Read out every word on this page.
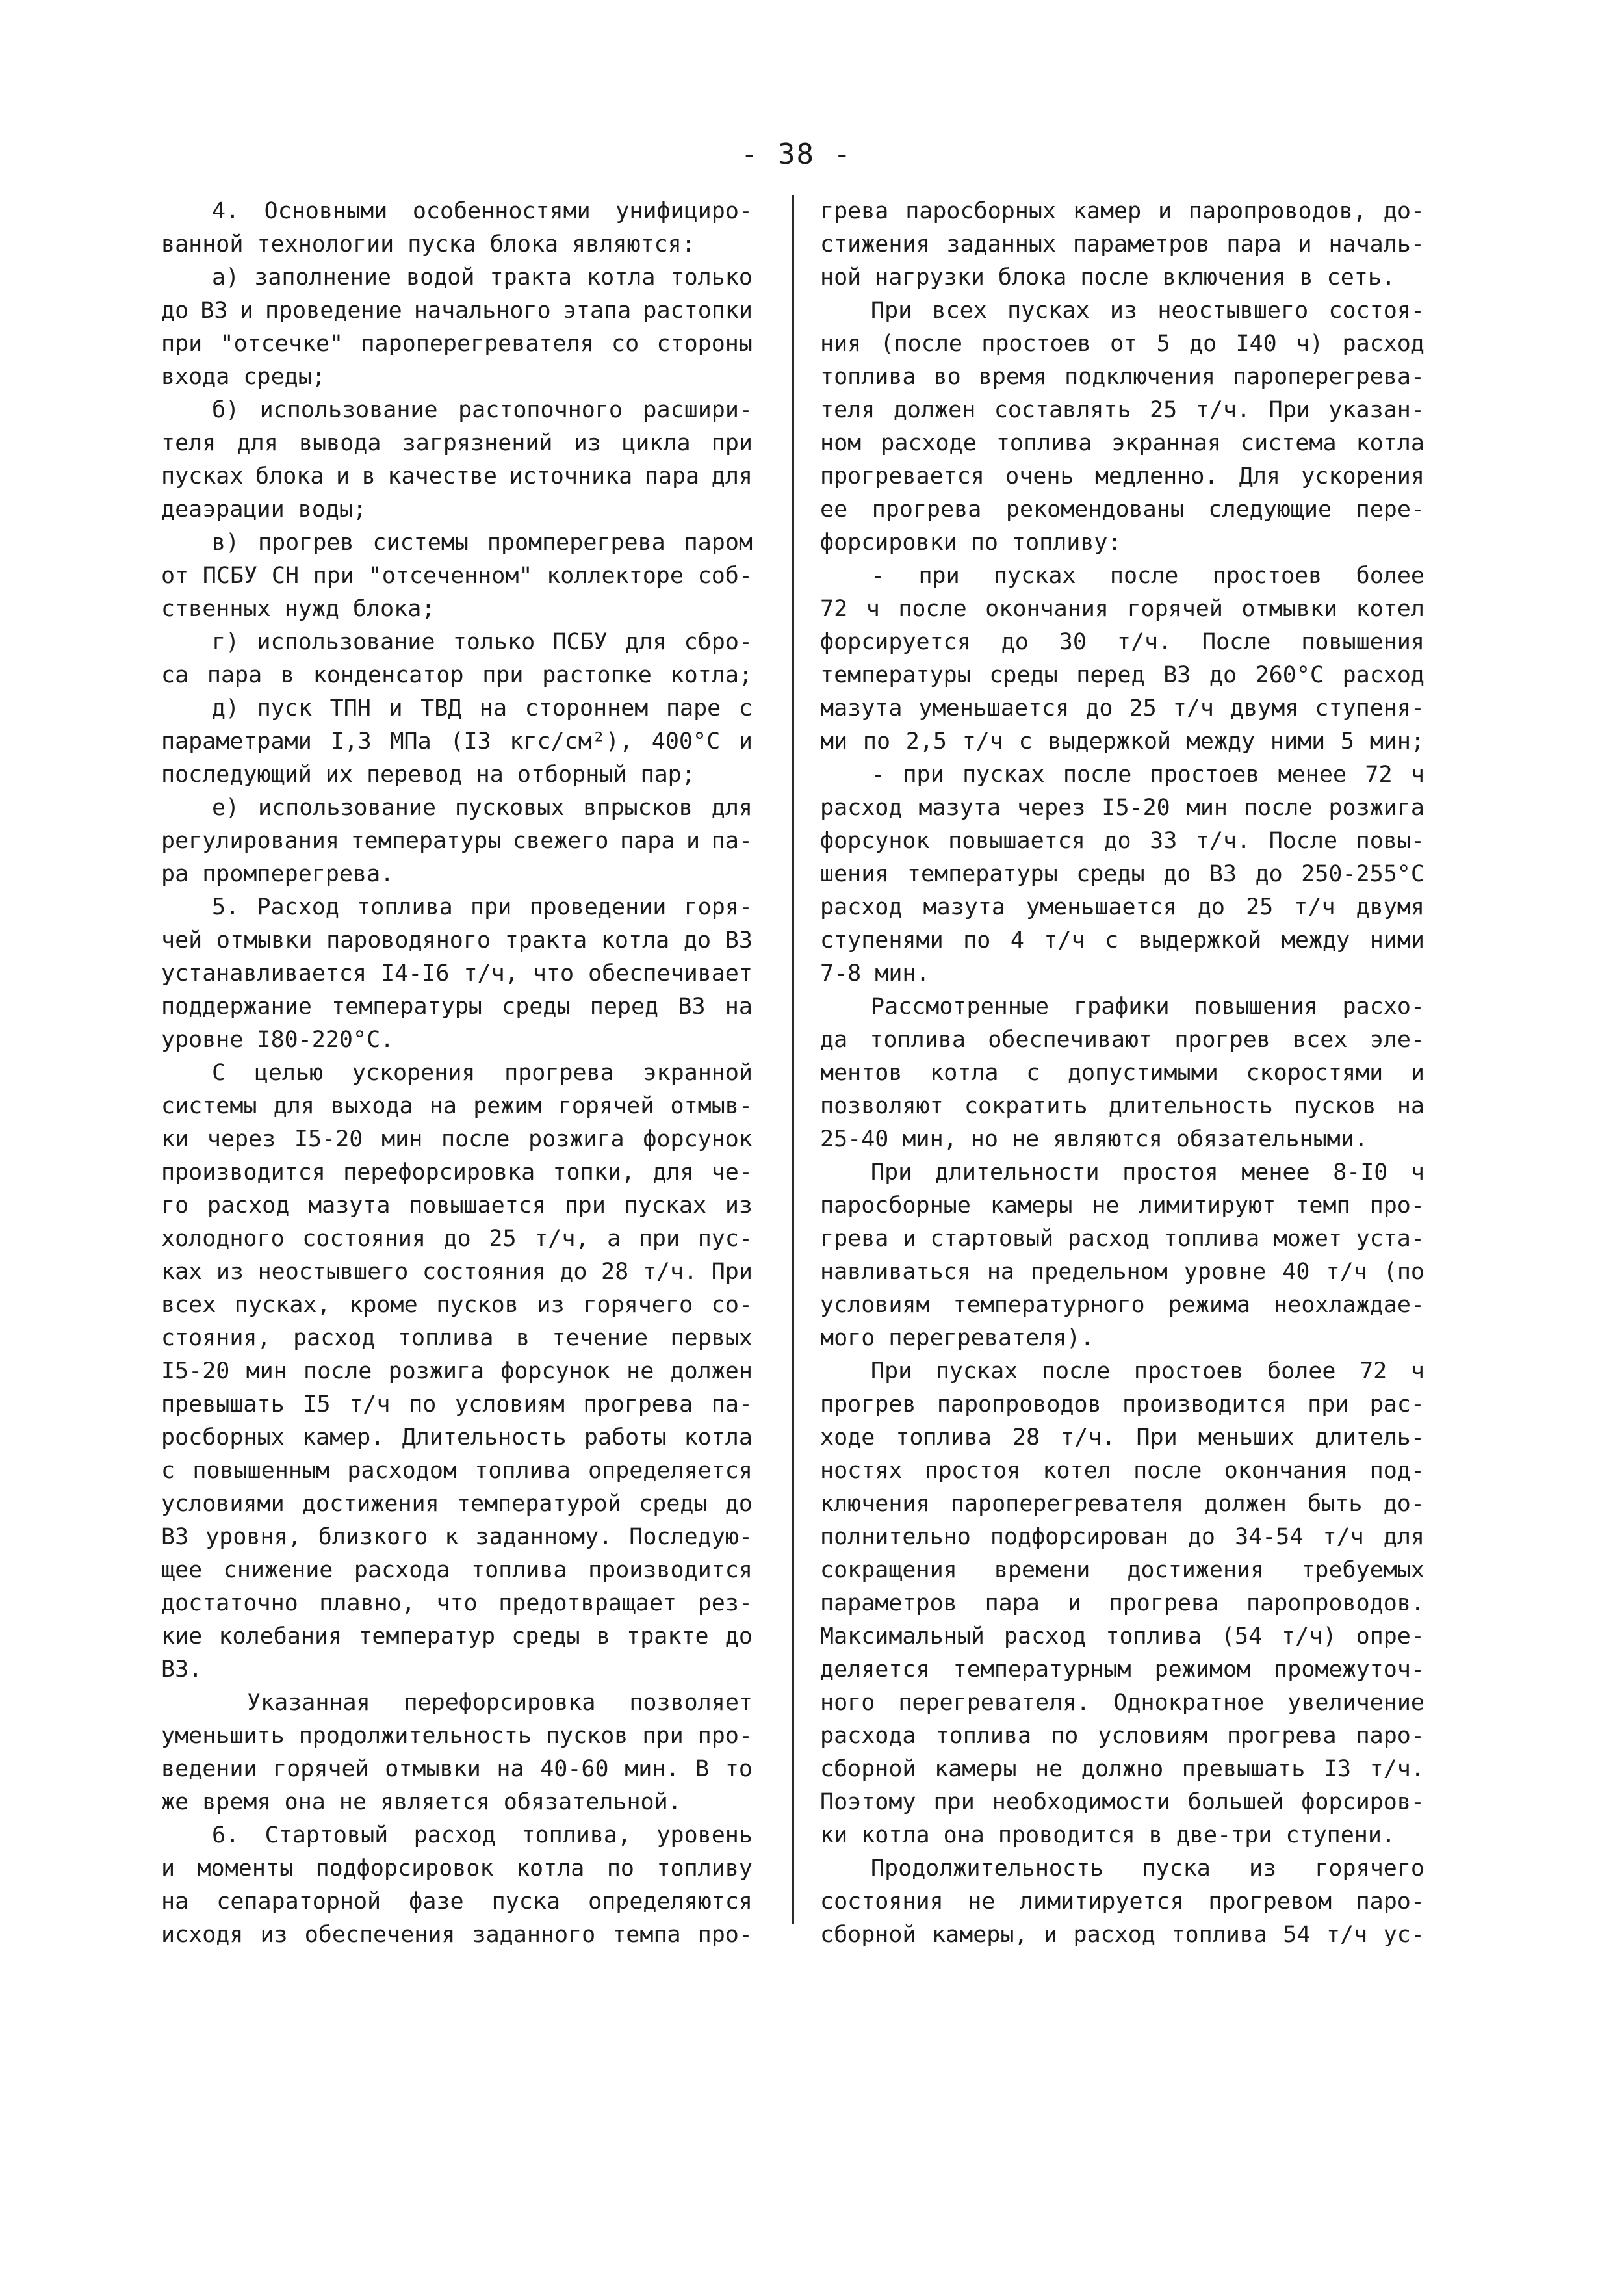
- 38 -
4. Основными особенностями унифициро-
ванной технологии пуска блока являются:
а) заполнение водой тракта котла только
до ВЗ и проведение начального этапа растопки
при "отсечке" пароперегревателя со стороны
входа среды;
б) использование растопочного расшири-
теля для вывода загрязнений из цикла при
пусках блока и в качестве источника пара для
деаэрации воды;
в) прогрев системы промперегрева паром
от ПСБУ СН при "отсеченном" коллекторе соб-
ственных нужд блока;
г) использование только ПСБУ для сбро-
са пара в конденсатор при растопке котла;
д) пуск ТПН и ТВД на стороннем паре с
параметрами I,3 МПа (I3 кгс/см²), 400°С и
последующий их перевод на отборный пар;
е) использование пусковых впрысков для
регулирования температуры свежего пара и па-
ра промперегрева.
5. Расход топлива при проведении горя-
чей отмывки пароводяного тракта котла до ВЗ
устанавливается I4-I6 т/ч, что обеспечивает
поддержание температуры среды перед ВЗ на
уровне I80-220°С.
С целью ускорения прогрева экранной
системы для выхода на режим горячей отмыв-
ки через I5-20 мин после розжига форсунок
производится перефорсировка топки, для че-
го расход мазута повышается при пусках из
холодного состояния до 25 т/ч, а при пус-
ках из неостывшего состояния до 28 т/ч. При
всех пусках, кроме пусков из горячего со-
стояния, расход топлива в течение первых
I5-20 мин после розжига форсунок не должен
превышать I5 т/ч по условиям прогрева па-
росборных камер. Длительность работы котла
с повышенным расходом топлива определяется
условиями достижения температурой среды до
ВЗ уровня, близкого к заданному. Последую-
щее снижение расхода топлива производится
достаточно плавно, что предотвращает рез-
кие колебания температур среды в тракте до
ВЗ.
Указанная перефорсировка позволяет
уменьшить продолжительность пусков при про-
ведении горячей отмывки на 40-60 мин. В то
же время она не является обязательной.
6. Стартовый расход топлива, уровень
и моменты подфорсировок котла по топливу
на сепараторной фазе пуска определяются
исходя из обеспечения заданного темпа про-
грева паросборных камер и паропроводов, до-
стижения заданных параметров пара и началь-
ной нагрузки блока после включения в сеть.
При всех пусках из неостывшего состоя-
ния (после простоев от 5 до I40 ч) расход
топлива во время подключения пароперегрева-
теля должен составлять 25 т/ч. При указан-
ном расходе топлива экранная система котла
прогревается очень медленно. Для ускорения
ее прогрева рекомендованы следующие пере-
форсировки по топливу:
- при пусках после простоев более
72 ч после окончания горячей отмывки котел
форсируется до 30 т/ч. После повышения
температуры среды перед ВЗ до 260°С расход
мазута уменьшается до 25 т/ч двумя ступеня-
ми по 2,5 т/ч с выдержкой между ними 5 мин;
- при пусках после простоев менее 72 ч
расход мазута через I5-20 мин после розжига
форсунок повышается до 33 т/ч. После повы-
шения температуры среды до ВЗ до 250-255°С
расход мазута уменьшается до 25 т/ч двумя
ступенями по 4 т/ч с выдержкой между ними
7-8 мин.
Рассмотренные графики повышения расхо-
да топлива обеспечивают прогрев всех эле-
ментов котла с допустимыми скоростями и
позволяют сократить длительность пусков на
25-40 мин, но не являются обязательными.
При длительности простоя менее 8-I0 ч
паросборные камеры не лимитируют темп про-
грева и стартовый расход топлива может уста-
навливаться на предельном уровне 40 т/ч (по
условиям температурного режима неохлаждае-
мого перегревателя).
При пусках после простоев более 72 ч
прогрев паропроводов производится при рас-
ходе топлива 28 т/ч. При меньших длитель-
ностях простоя котел после окончания под-
ключения пароперегревателя должен быть до-
полнительно подфорсирован до 34-54 т/ч для
сокращения времени достижения требуемых
параметров пара и прогрева паропроводов.
Максимальный расход топлива (54 т/ч) опре-
деляется температурным режимом промежуточ-
ного перегревателя. Однократное увеличение
расхода топлива по условиям прогрева паро-
сборной камеры не должно превышать I3 т/ч.
Поэтому при необходимости большей форсиров-
ки котла она проводится в две-три ступени.
Продолжительность пуска из горячего
состояния не лимитируется прогревом паро-
сборной камеры, и расход топлива 54 т/ч ус-
